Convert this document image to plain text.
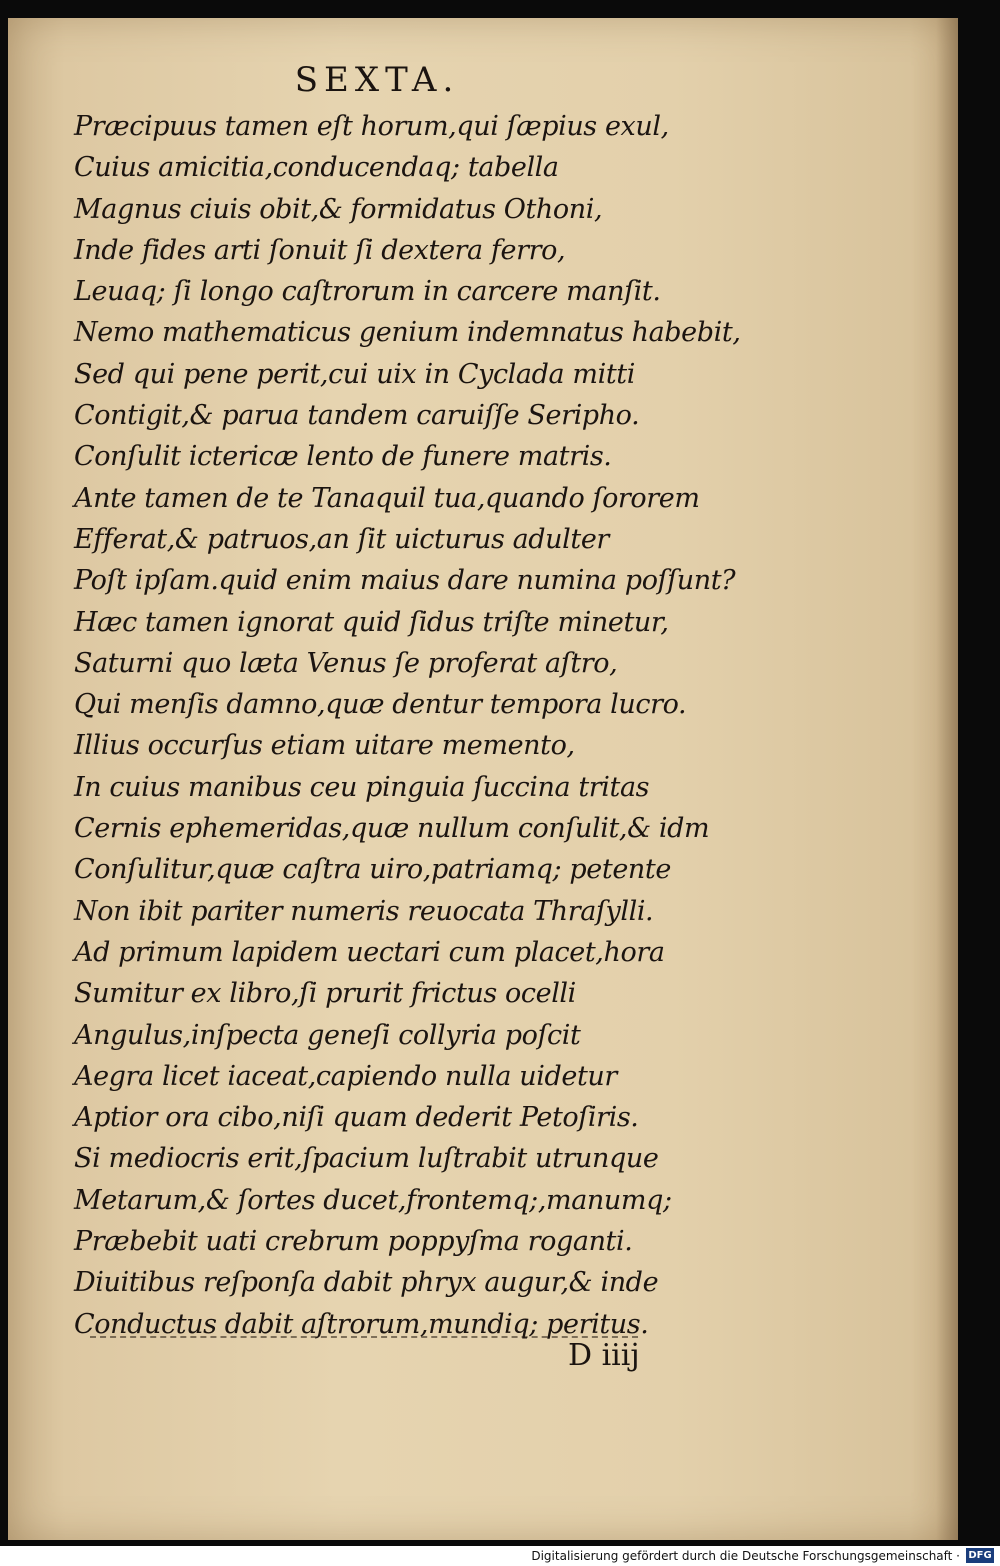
SEXTA.
Præcipuus tamen eſt horum,qui ſæpius exul,
Cuius amicitia,conducendaq; tabella
Magnus ciuis obit,& formidatus Othoni,
Inde fides arti ſonuit ſi dextera ferro,
Leuaq; ſi longo caſtrorum in carcere manſit.
Nemo mathematicus genium indemnatus habebit,
Sed qui pene perit,cui uix in Cyclada mitti
Contigit,& parua tandem caruiſſe Seripho.
Conſulit ictericæ lento de funere matris.
Ante tamen de te Tanaquil tua,quando ſororem
Efferat,& patruos,an ſit uicturus adulter
Poſt ipſam.quid enim maius dare numina poſſunt?
Hæc tamen ignorat quid ſidus triſte minetur,
Saturni quo læta Venus ſe proferat aſtro,
Qui menſis damno,quæ dentur tempora lucro.
Illius occurſus etiam uitare memento,
In cuius manibus ceu pinguia ſuccina tritas
Cernis ephemeridas,quæ nullum conſulit,& idm
Conſulitur,quæ caſtra uiro,patriamq; petente
Non ibit pariter numeris reuocata Thraſylli.
Ad primum lapidem uectari cum placet,hora
Sumitur ex libro,ſi prurit frictus ocelli
Angulus,inſpecta geneſi collyria poſcit
Aegra licet iaceat,capiendo nulla uidetur
Aptior ora cibo,niſi quam dederit Petoſiris.
Si mediocris erit,ſpacium luſtrabit utrunque
Metarum,& ſortes ducet,frontemq;,manumq;
Præbebit uati crebrum poppyſma roganti.
Diuitibus reſponſa dabit phryx augur,& inde
Conductus dabit aſtrorum,mundiq; peritus.
D iiij
Digitalisierung gefördert durch die Deutsche Forschungsgemeinschaft · DFG
